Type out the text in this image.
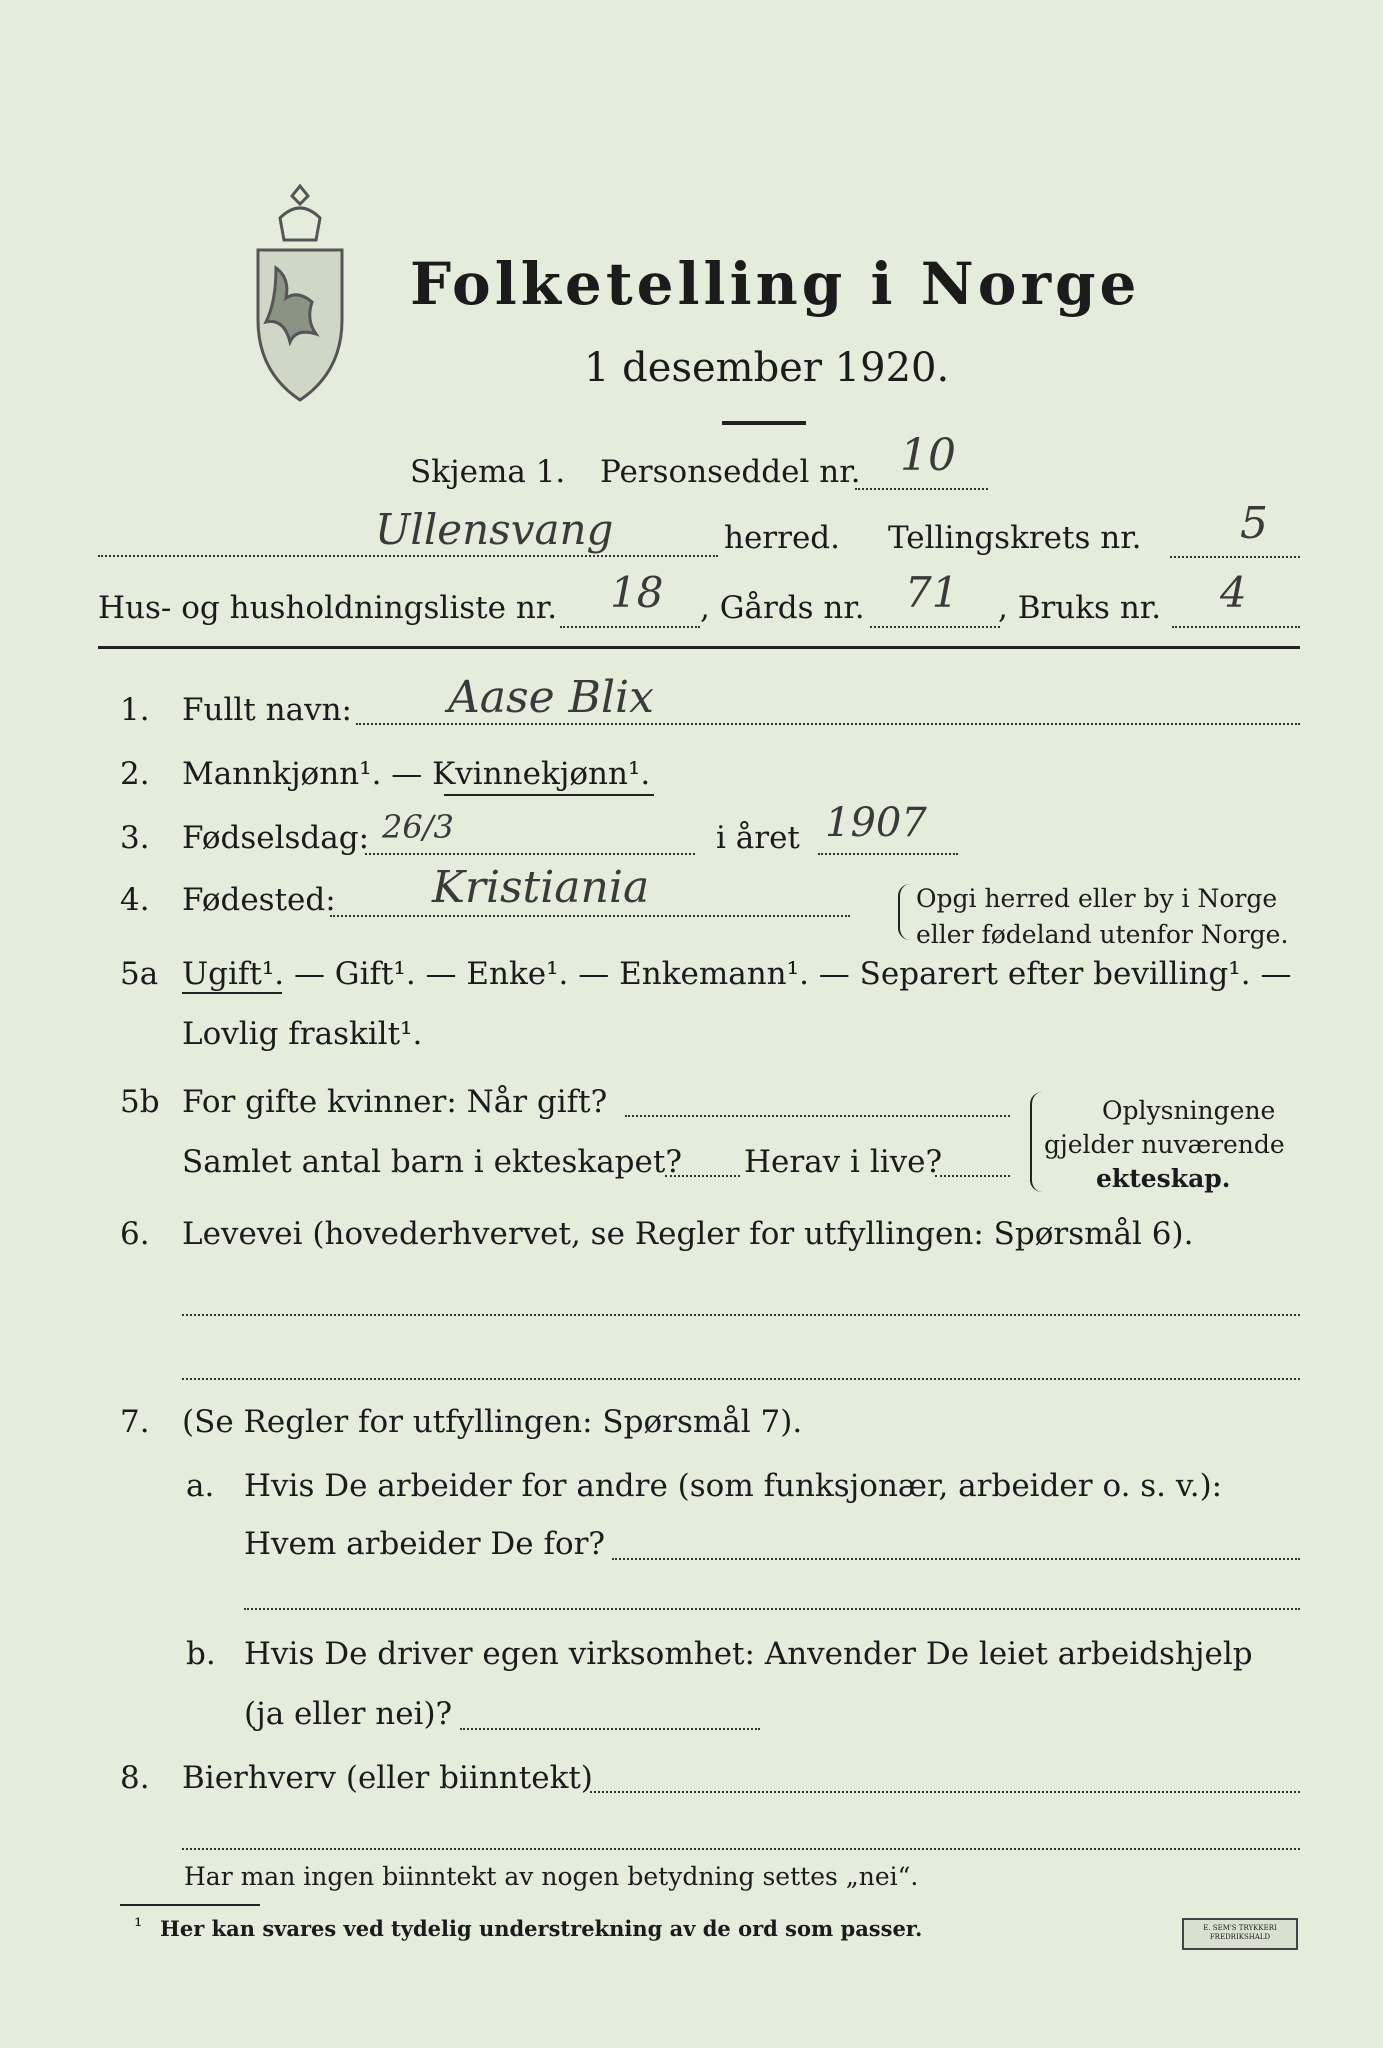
Folketelling i Norge
1 desember 1920.
Skjema 1. Personseddel nr. 10
Ullensvang	herred. Tellingskrets nr. 5
Hus- og husholdningsliste nr. 18 , Gårds nr. 71 , Bruks nr. 4
1. Fullt navn: Aase Blix
2. Mannkjønn¹. — Kvinnekjønn¹.
3. Fødselsdag: 26/3	i året 1907
4. Fødested: Kristiania	Opgi herred eller by i Norge
eller fødeland utenfor Norge.
5a Ugift¹. — Gift¹. — Enke¹. — Enkemann¹. — Separert efter bevilling¹. —
Lovlig fraskilt¹.
5b For gifte kvinner: Når gift?
Samlet antal barn i ekteskapet? Herav i live?
Oplysningene
gjelder nuværende
ekteskap.
6. Levevei (hovederhvervet, se Regler for utfyllingen: Spørsmål 6).
7. (Se Regler for utfyllingen: Spørsmål 7).
a. Hvis De arbeider for andre (som funksjonær, arbeider o. s. v.):
Hvem arbeider De for?
b. Hvis De driver egen virksomhet: Anvender De leiet arbeidshjelp
(ja eller nei)?
8. Bierhverv (eller biinntekt)
Har man ingen biinntekt av nogen betydning settes „nei“.
¹ Her kan svares ved tydelig understrekning av de ord som passer.	E. SEM'S TRYKKERI FREDRIKSHALD
